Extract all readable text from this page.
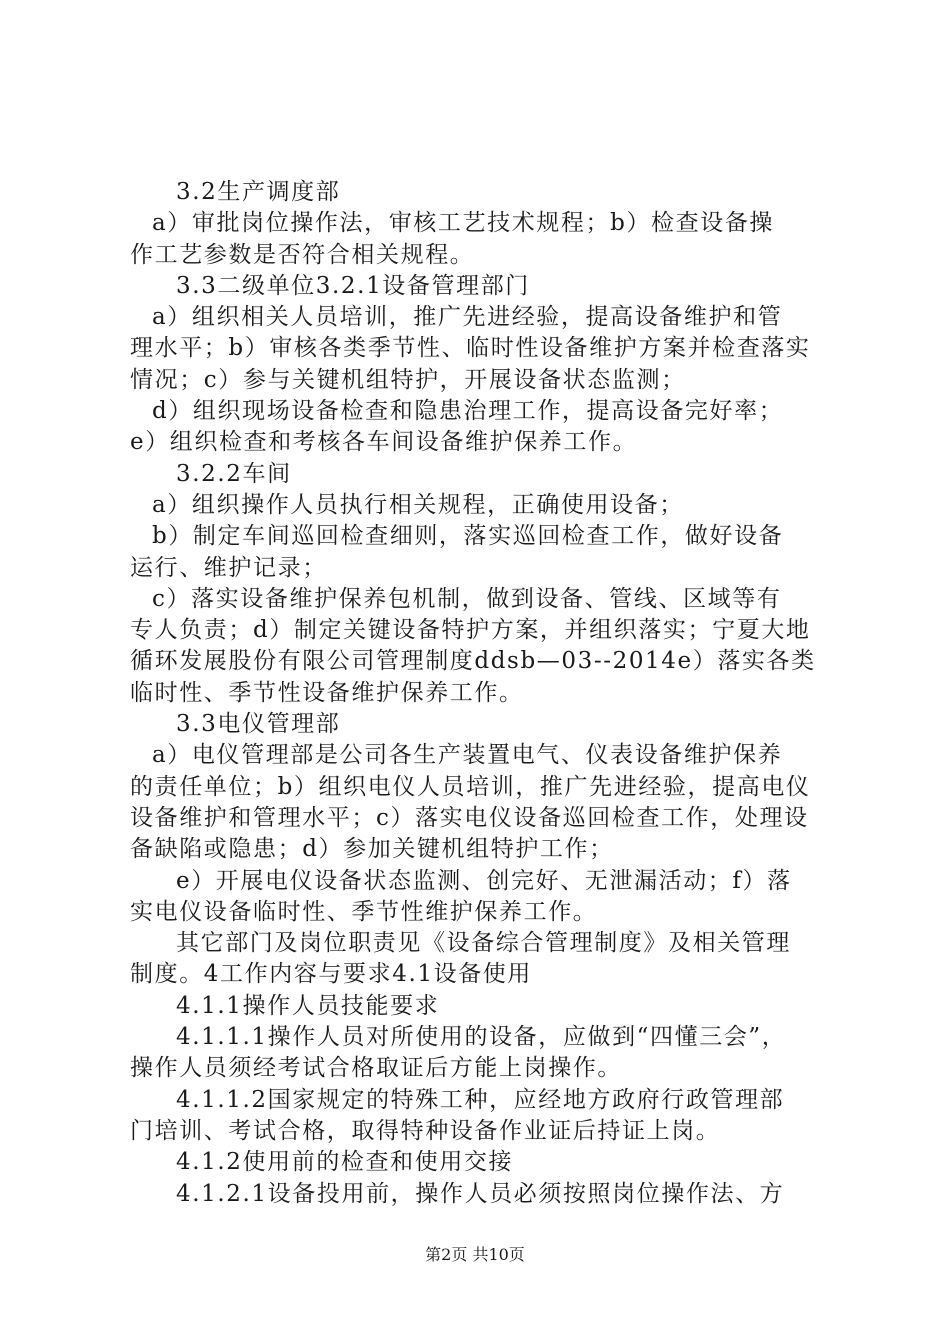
3.2生产调度部
a）审批岗位操作法，审核工艺技术规程；b）检查设备操
作工艺参数是否符合相关规程。
3.3二级单位3.2.1设备管理部门
a）组织相关人员培训，推广先进经验，提高设备维护和管
理水平；b）审核各类季节性、临时性设备维护方案并检查落实
情况；c）参与关键机组特护，开展设备状态监测；
d）组织现场设备检查和隐患治理工作，提高设备完好率；
e）组织检查和考核各车间设备维护保养工作。
3.2.2车间
a）组织操作人员执行相关规程，正确使用设备；
b）制定车间巡回检查细则，落实巡回检查工作，做好设备
运行、维护记录；
c）落实设备维护保养包机制，做到设备、管线、区域等有
专人负责；d）制定关键设备特护方案，并组织落实；宁夏大地
循环发展股份有限公司管理制度ddsb—03--2014e）落实各类
临时性、季节性设备维护保养工作。
3.3电仪管理部
a）电仪管理部是公司各生产装置电气、仪表设备维护保养
的责任单位；b）组织电仪人员培训，推广先进经验，提高电仪
设备维护和管理水平；c）落实电仪设备巡回检查工作，处理设
备缺陷或隐患；d）参加关键机组特护工作；
e）开展电仪设备状态监测、创完好、无泄漏活动；f）落
实电仪设备临时性、季节性维护保养工作。
其它部门及岗位职责见《设备综合管理制度》及相关管理
制度。4工作内容与要求4.1设备使用
4.1.1操作人员技能要求
4.1.1.1操作人员对所使用的设备，应做到“四懂三会”，
操作人员须经考试合格取证后方能上岗操作。
4.1.1.2国家规定的特殊工种，应经地方政府行政管理部
门培训、考试合格，取得特种设备作业证后持证上岗。
4.1.2使用前的检查和使用交接
4.1.2.1设备投用前，操作人员必须按照岗位操作法、方
第2页 共10页
